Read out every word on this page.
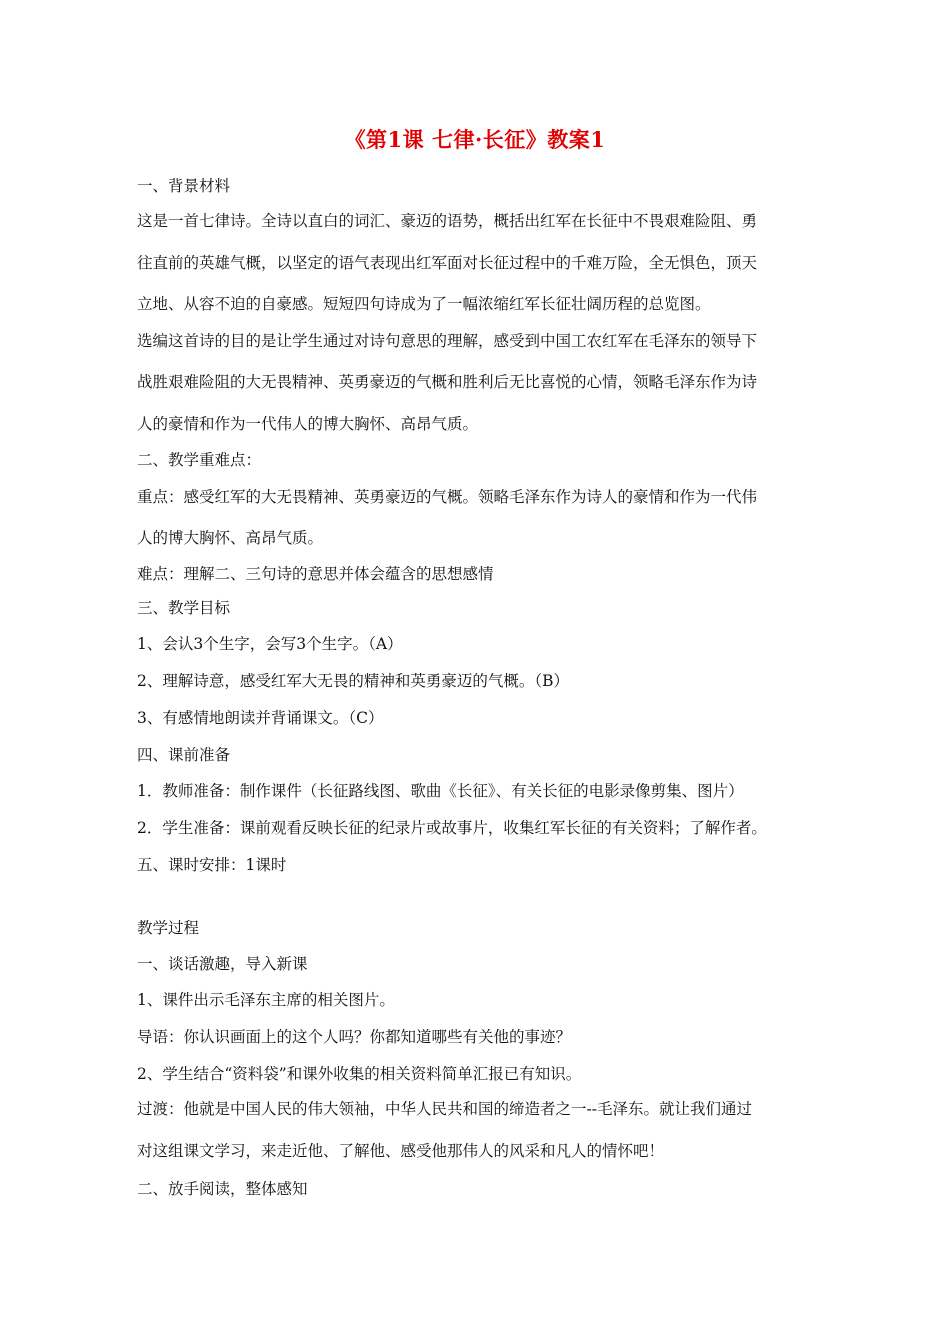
《第1课 七律·长征》教案1
一、背景材料
这是一首七律诗。全诗以直白的词汇、豪迈的语势，概括出红军在长征中不畏艰难险阻、勇
往直前的英雄气概，以坚定的语气表现出红军面对长征过程中的千难万险，全无惧色，顶天
立地、从容不迫的自豪感。短短四句诗成为了一幅浓缩红军长征壮阔历程的总览图。
选编这首诗的目的是让学生通过对诗句意思的理解，感受到中国工农红军在毛泽东的领导下
战胜艰难险阻的大无畏精神、英勇豪迈的气概和胜利后无比喜悦的心情，领略毛泽东作为诗
人的豪情和作为一代伟人的博大胸怀、高昂气质。
二、教学重难点：
重点：感受红军的大无畏精神、英勇豪迈的气概。领略毛泽东作为诗人的豪情和作为一代伟
人的博大胸怀、高昂气质。
难点：理解二、三句诗的意思并体会蕴含的思想感情
三、教学目标
1、会认3个生字，会写3个生字。（A）
2、理解诗意，感受红军大无畏的精神和英勇豪迈的气概。（B）
3、有感情地朗读并背诵课文。（C）
四、课前准备
1．教师准备：制作课件（长征路线图、歌曲《长征》、有关长征的电影录像剪集、图片）
2．学生准备：课前观看反映长征的纪录片或故事片，收集红军长征的有关资料；了解作者。
五、课时安排：1课时
教学过程
一、谈话激趣，导入新课
1、课件出示毛泽东主席的相关图片。
导语：你认识画面上的这个人吗？你都知道哪些有关他的事迹？
2、学生结合“资料袋”和课外收集的相关资料简单汇报已有知识。
过渡：他就是中国人民的伟大领袖，中华人民共和国的缔造者之一--毛泽东。就让我们通过
对这组课文学习，来走近他、了解他、感受他那伟人的风采和凡人的情怀吧！
二、放手阅读，整体感知
